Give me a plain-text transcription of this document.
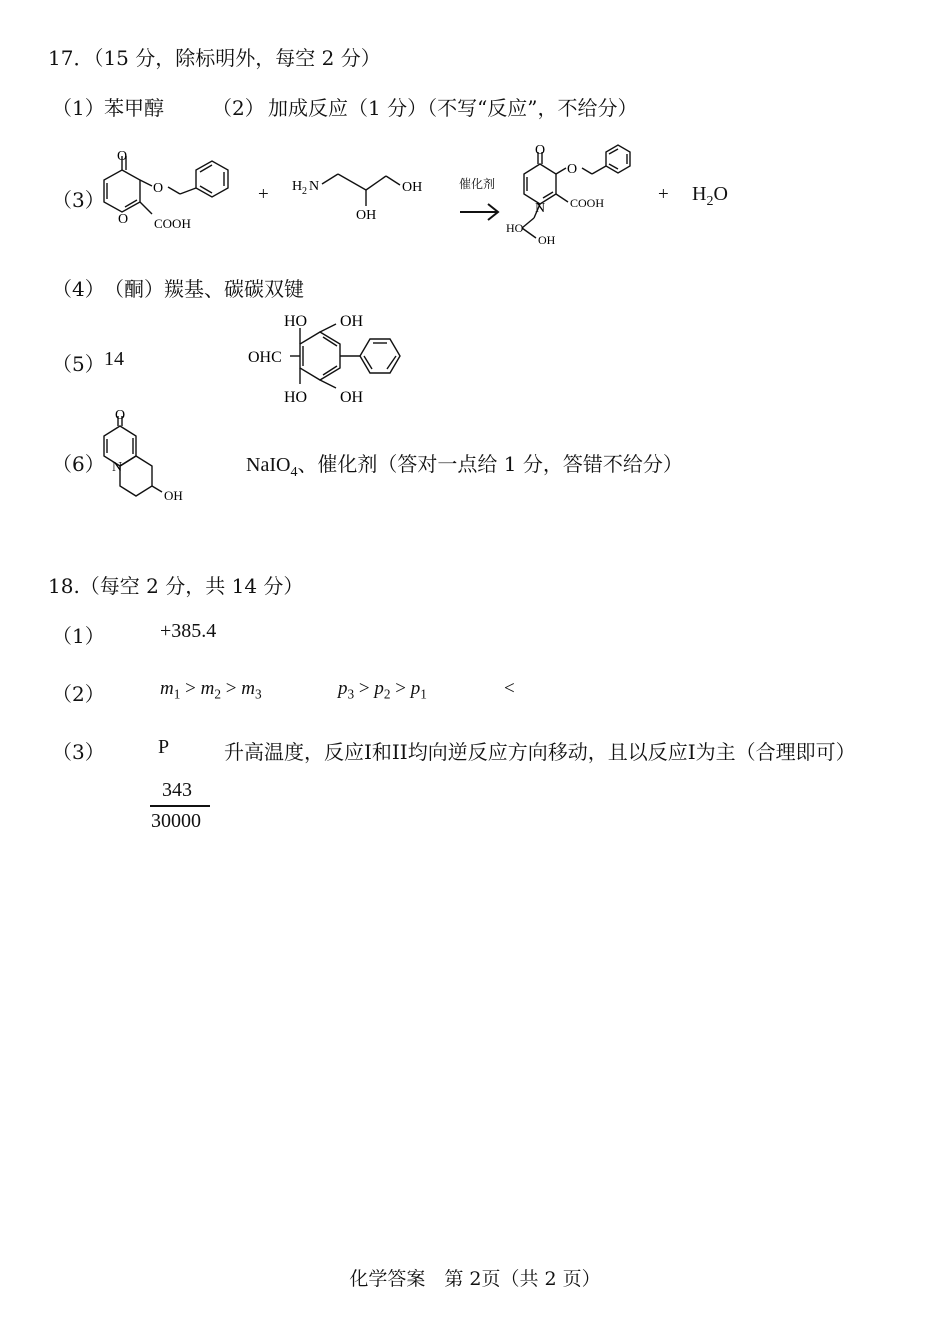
17．（15 分，除标明外，每空 2 分）
（1） 苯甲醇 （2） 加成反应（1 分）（不写“反应”，不给分）
（3）
O
O
O
COOH
+ H 2 N	OH
OH
催化剂
O
O
N COOH
HO
OH
+ $H_2O$
（4） （酮）羰基、碳碳双键
（5） 14
HO OH
OHC
HO OH
（6）
O
N
OH
NaIO$_4$、催化剂（答对一点给 1 分，答错不给分）
18.（每空 2 分，共 14 分）
（1）	+385.4
（2）	$m_1 > m_2 > m_3$	$p_3 > p_2 > p_1$	<
（3）	P	升高温度，反应I和II均向逆反应方向移动，且以反应I为主（合理即可）
343
30000
化学答案　第 2页（共 2 页）
